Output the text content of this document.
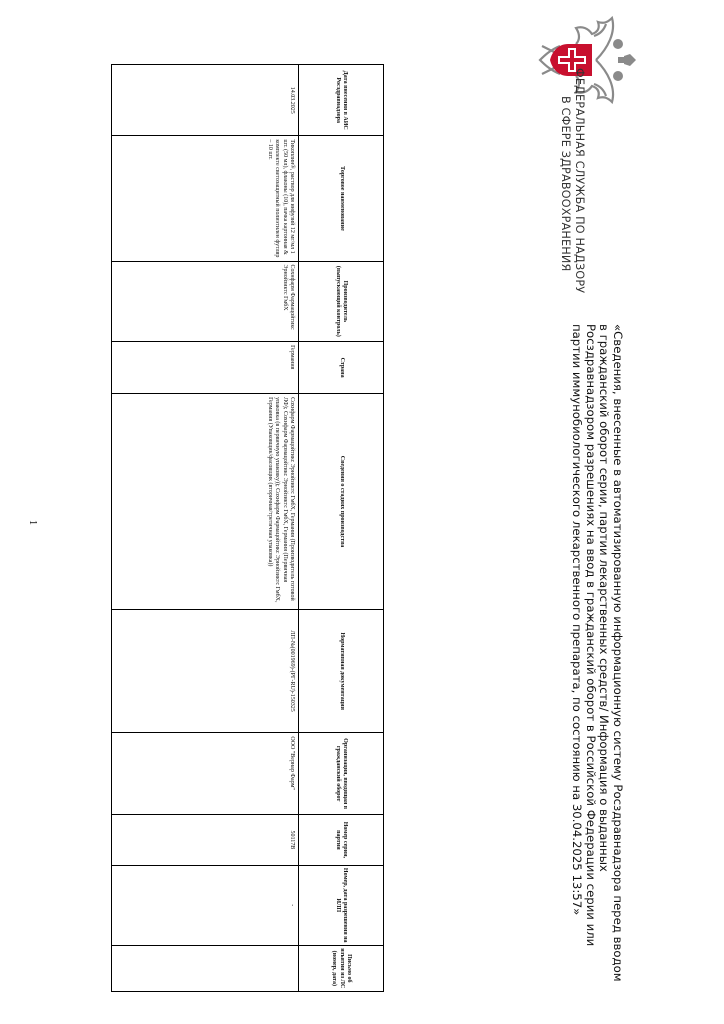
ФЕДЕРАЛЬНАЯ СЛУЖБА ПО НАДЗОРУ
В СФЕРЕ ЗДРАВООХРАНЕНИЯ
«Сведения, внесенные в автоматизированную информационную систему Росздравнадзора перед вводом в гражданский оборот серии, партии лекарственных средств/ Информация о выданных Росздравнадзором разрешениях на ввод в гражданский оборот в Российской Федерации серии или партии иммунобиологического лекарственного препарата, по состоянию на 30.04.2025 13:57»
Дата внесения в АИС Росздравнадзора	Торговое наименование	Производитель (выпускающий контроль)	Страна	Сведения о стадиях производства	Нормативная документация	Организация, вводящая в гражданский оборот	Номер серии, партии	Номер, дата разрешения на ИЛП	Письмо об изъятии из ЛС (номер, дата)
14.03.2025	Тикоплин®, раствор для инфузий 12 мг/мл 1 шт. (50 мл), флаконы (10), пачка картонная & комплекте светозащитный полиэтилен футляр – 10 шт.	Сохнфарм Фармацойтикс Эрнойзиктс ГмбХ	Германия	Сохнфарм Фармацойтикс Эрнойзиктс ГмбХ, Германия (Производитель готовой ЛФ); Сохнфарм Фармацойтикс Эрнойзиктс ГмбХ, Германия (Первичная упаковка (в первичную упаковку)); Сохнфарм Фармацойтикс Эрнойзиктс ГмбХ, Германия (Упаковщик/фасовщик (вторичная/третичная упаковка))	ЛП-№(001969)-(РГ-RU)-150325	ООО "Вернар Фарм"	50117В	-	
1
